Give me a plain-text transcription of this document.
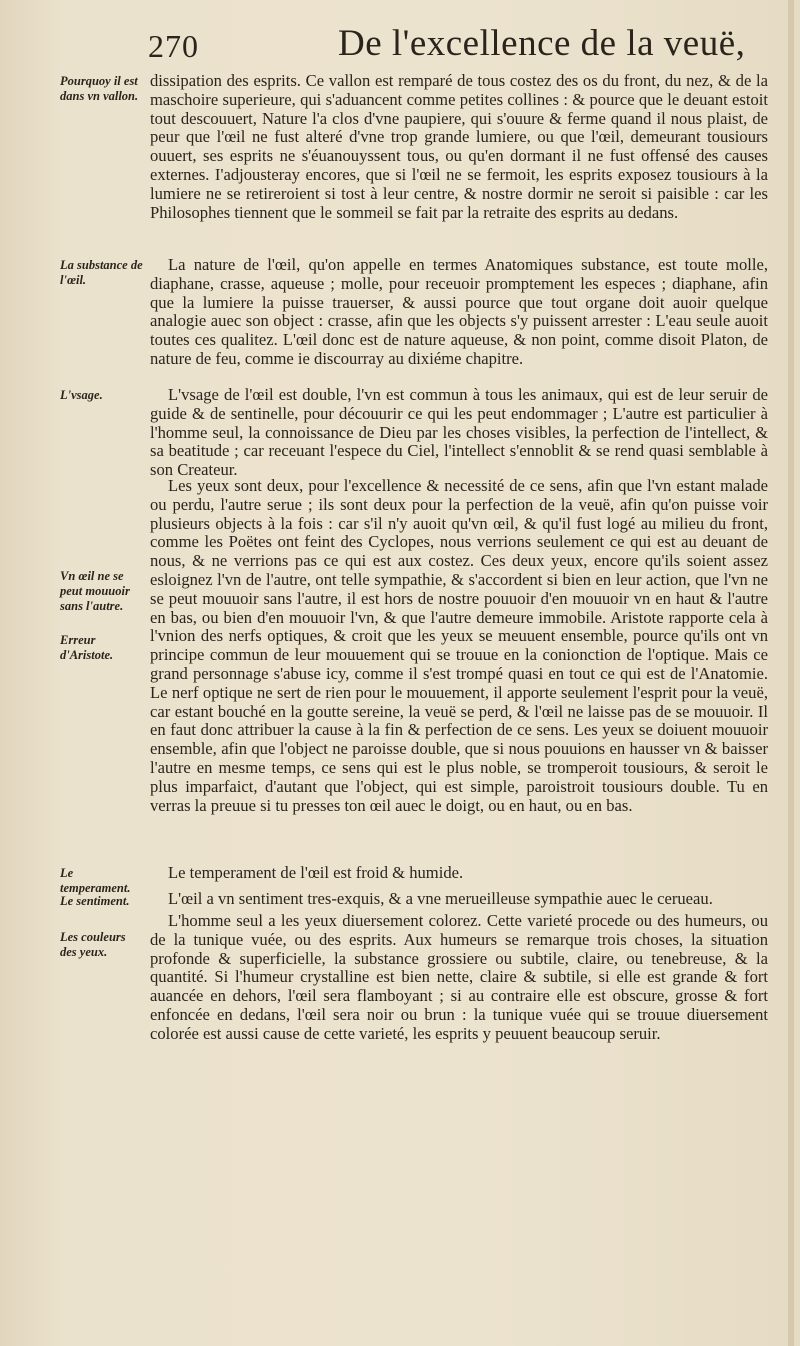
270	De l'excellence de la veuë,
Pourquoy il est dans vn vallon.

dissipation des esprits. Ce vallon est remparé de tous costez des os du front, du nez, & de la maschoire superieure, qui s'aduancent comme petites collines : & pource que le deuant estoit tout descouuert, Nature l'a clos d'vne paupiere, qui s'ouure & ferme quand il nous plaist, de peur que l'œil ne fust alteré d'vne trop grande lumiere, ou que l'œil, demeurant tousiours ouuert, ses esprits ne s'éuanouyssent tous, ou qu'en dormant il ne fust offensé des causes externes. I'adjousteray encores, que si l'œil ne se fermoit, les esprits exposez tousiours à la lumiere ne se retireroient si tost à leur centre, & nostre dormir ne seroit si paisible : car les Philosophes tiennent que le sommeil se fait par la retraite des esprits au dedans.

La substance de l'œil.

La nature de l'œil, qu'on appelle en termes Anatomiques substance, est toute molle, diaphane, crasse, aqueuse ; molle, pour receuoir promptement les especes ; diaphane, afin que la lumiere la puisse trauerser, & aussi pource que tout organe doit auoir quelque analogie auec son object : crasse, afin que les objects s'y puissent arrester : L'eau seule auoit toutes ces qualitez. L'œil donc est de nature aqueuse, & non point, comme disoit Platon, de nature de feu, comme ie discourray au dixiéme chapitre.

L'vsage.	L'vsage de l'œil est double, l'vn est commun à tous les animaux, qui est de leur seruir de guide & de sentinelle, pour découurir ce qui les peut endommager ; L'autre est particulier à l'homme seul, la connoissance de Dieu par les choses visibles, la perfection de l'intellect, & sa beatitude ; car receuant l'espece du Ciel, l'intellect s'ennoblit & se rend quasi semblable à son Createur.

Vn œil ne se peut mouuoir sans l'autre.
Erreur d'Aristote.

Les yeux sont deux, pour l'excellence & necessité de ce sens, afin que l'vn estant malade ou perdu, l'autre serue ; ils sont deux pour la perfection de la veuë, afin qu'on puisse voir plusieurs objects à la fois : car s'il n'y auoit qu'vn œil, & qu'il fust logé au milieu du front, comme les Poëtes ont feint des Cyclopes, nous verrions seulement ce qui est au deuant de nous, & ne verrions pas ce qui est aux costez. Ces deux yeux, encore qu'ils soient assez esloignez l'vn de l'autre, ont telle sympathie, & s'accordent si bien en leur action, que l'vn ne se peut mouuoir sans l'autre, il est hors de nostre pouuoir d'en mouuoir vn en haut & l'autre en bas, ou bien d'en mouuoir l'vn, & que l'autre demeure immobile. Aristote rapporte cela à l'vnion des nerfs optiques, & croit que les yeux se meuuent ensemble, pource qu'ils ont vn principe commun de leur mouuement qui se trouue en la conionction de l'optique. Mais ce grand personnage s'abuse icy, comme il s'est trompé quasi en tout ce qui est de l'Anatomie. Le nerf optique ne sert de rien pour le mouuement, il apporte seulement l'esprit pour la veuë, car estant bouché en la goutte sereine, la veuë se perd, & l'œil ne laisse pas de se mouuoir. Il en faut donc attribuer la cause à la fin & perfection de ce sens. Les yeux se doiuent mouuoir ensemble, afin que l'object ne paroisse double, que si nous pouuions en hausser vn & baisser l'autre en mesme temps, ce sens qui est le plus noble, se tromperoit tousiours, & seroit le plus imparfaict, d'autant que l'object, qui est simple, paroistroit tousiours double. Tu en verras la preuue si tu presses ton œil auec le doigt, ou en haut, ou en bas.

Le temperament.

Le temperament de l'œil est froid & humide.

Le sentiment.	L'œil a vn sentiment tres-exquis, & a vne merueilleuse sympathie auec le cerueau.

Les couleurs des yeux.

L'homme seul a les yeux diuersement colorez. Cette varieté procede ou des humeurs, ou de la tunique vuée, ou des esprits. Aux humeurs se remarque trois choses, la situation profonde & superficielle, la substance grossiere ou subtile, claire, ou tenebreuse, & la quantité. Si l'humeur crystalline est bien nette, claire & subtile, si elle est grande & fort auancée en dehors, l'œil sera flamboyant ; si au contraire elle est obscure, grosse & fort enfoncée en dedans, l'œil sera noir ou brun : la tunique vuée qui se trouue diuersement colorée est aussi cause de cette varieté, les esprits y peuuent beaucoup seruir.
